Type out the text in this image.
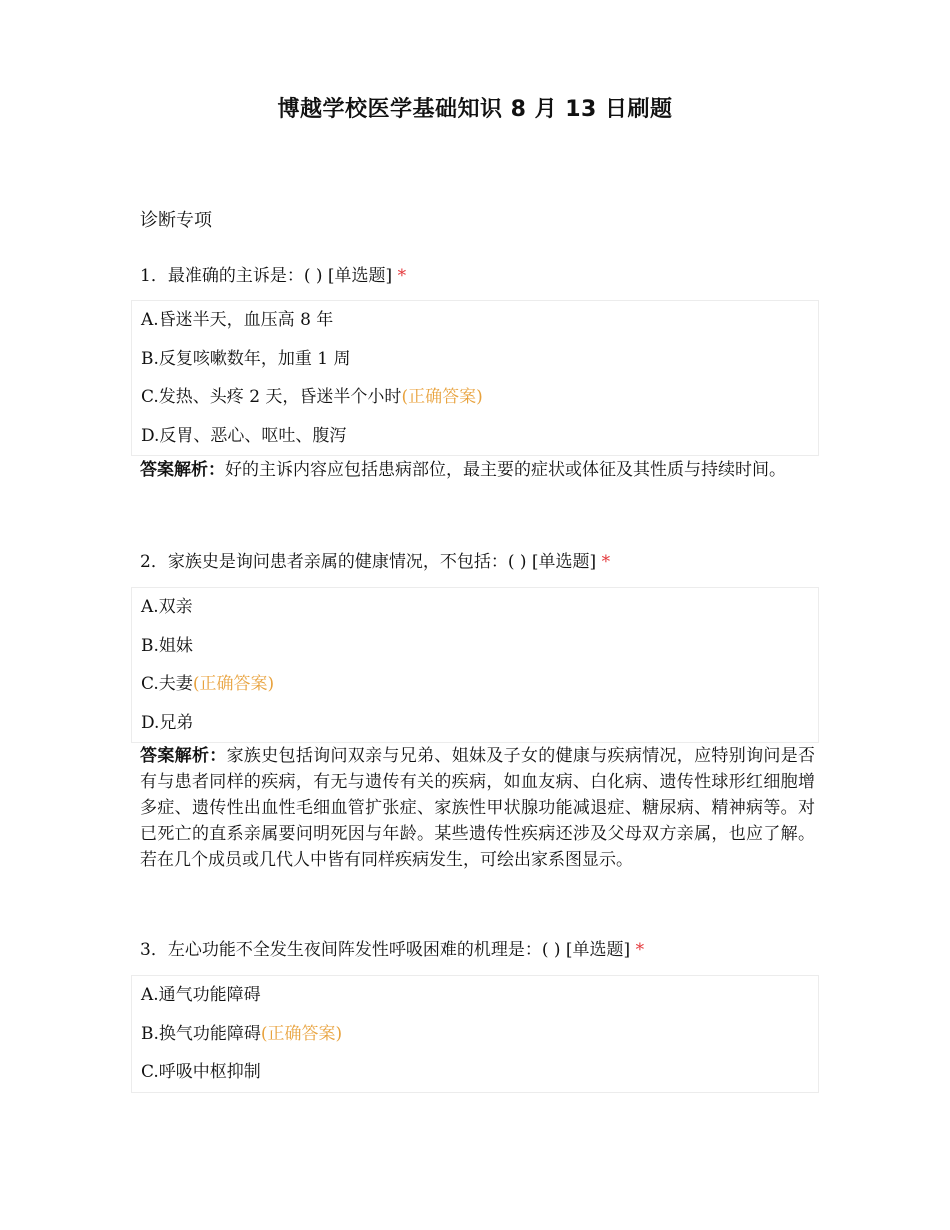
博越学校医学基础知识 8 月 13 日刷题
诊断专项
1．最准确的主诉是：( ) [单选题] *
A.昏迷半天，血压高 8 年
B.反复咳嗽数年，加重 1 周
C.发热、头疼 2 天，昏迷半个小时(正确答案)
D.反胃、恶心、呕吐、腹泻
答案解析：好的主诉内容应包括患病部位，最主要的症状或体征及其性质与持续时间。
2．家族史是询问患者亲属的健康情况，不包括：( ) [单选题] *
A.双亲
B.姐妹
C.夫妻(正确答案)
D.兄弟
答案解析：家族史包括询问双亲与兄弟、姐妹及子女的健康与疾病情况，应特别询问是否有与患者同样的疾病，有无与遗传有关的疾病，如血友病、白化病、遗传性球形红细胞增多症、遗传性出血性毛细血管扩张症、家族性甲状腺功能减退症、糖尿病、精神病等。对已死亡的直系亲属要问明死因与年龄。某些遗传性疾病还涉及父母双方亲属，也应了解。若在几个成员或几代人中皆有同样疾病发生，可绘出家系图显示。
3．左心功能不全发生夜间阵发性呼吸困难的机理是：( ) [单选题] *
A.通气功能障碍
B.换气功能障碍(正确答案)
C.呼吸中枢抑制
